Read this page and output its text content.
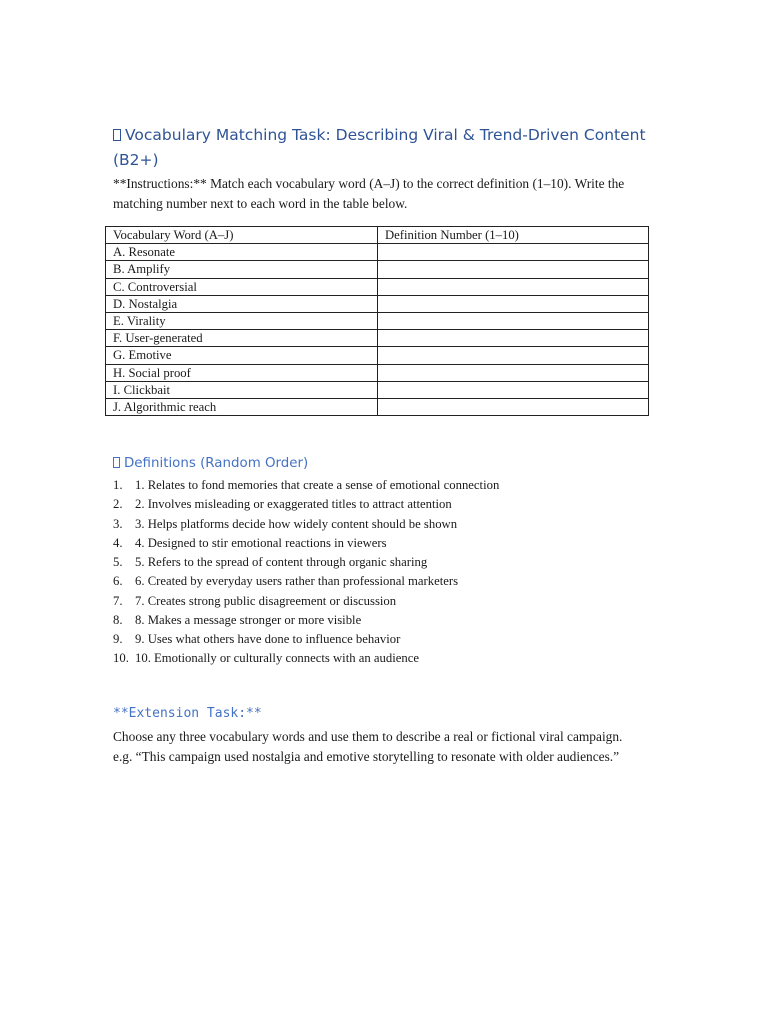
Vocabulary Matching Task: Describing Viral & Trend-Driven Content (B2+)

**Instructions:** Match each vocabulary word (A–J) to the correct definition (1–10). Write the matching number next to each word in the table below.

Vocabulary Word (A–J)	Definition Number (1–10)
A. Resonate	
B. Amplify	
C. Controversial	
D. Nostalgia	
E. Virality	
F. User-generated	
G. Emotive	
H. Social proof	
I. Clickbait	
J. Algorithmic reach	
Definitions (Random Order)
1. 1. Relates to fond memories that create a sense of emotional connection
2. 2. Involves misleading or exaggerated titles to attract attention
3. 3. Helps platforms decide how widely content should be shown
4. 4. Designed to stir emotional reactions in viewers
5. 5. Refers to the spread of content through organic sharing
6. 6. Created by everyday users rather than professional marketers
7. 7. Creates strong public disagreement or discussion
8. 8. Makes a message stronger or more visible
9. 9. Uses what others have done to influence behavior
10. 10. Emotionally or culturally connects with an audience
**Extension Task:**
Choose any three vocabulary words and use them to describe a real or fictional viral campaign.
e.g. “This campaign used nostalgia and emotive storytelling to resonate with older audiences.”
